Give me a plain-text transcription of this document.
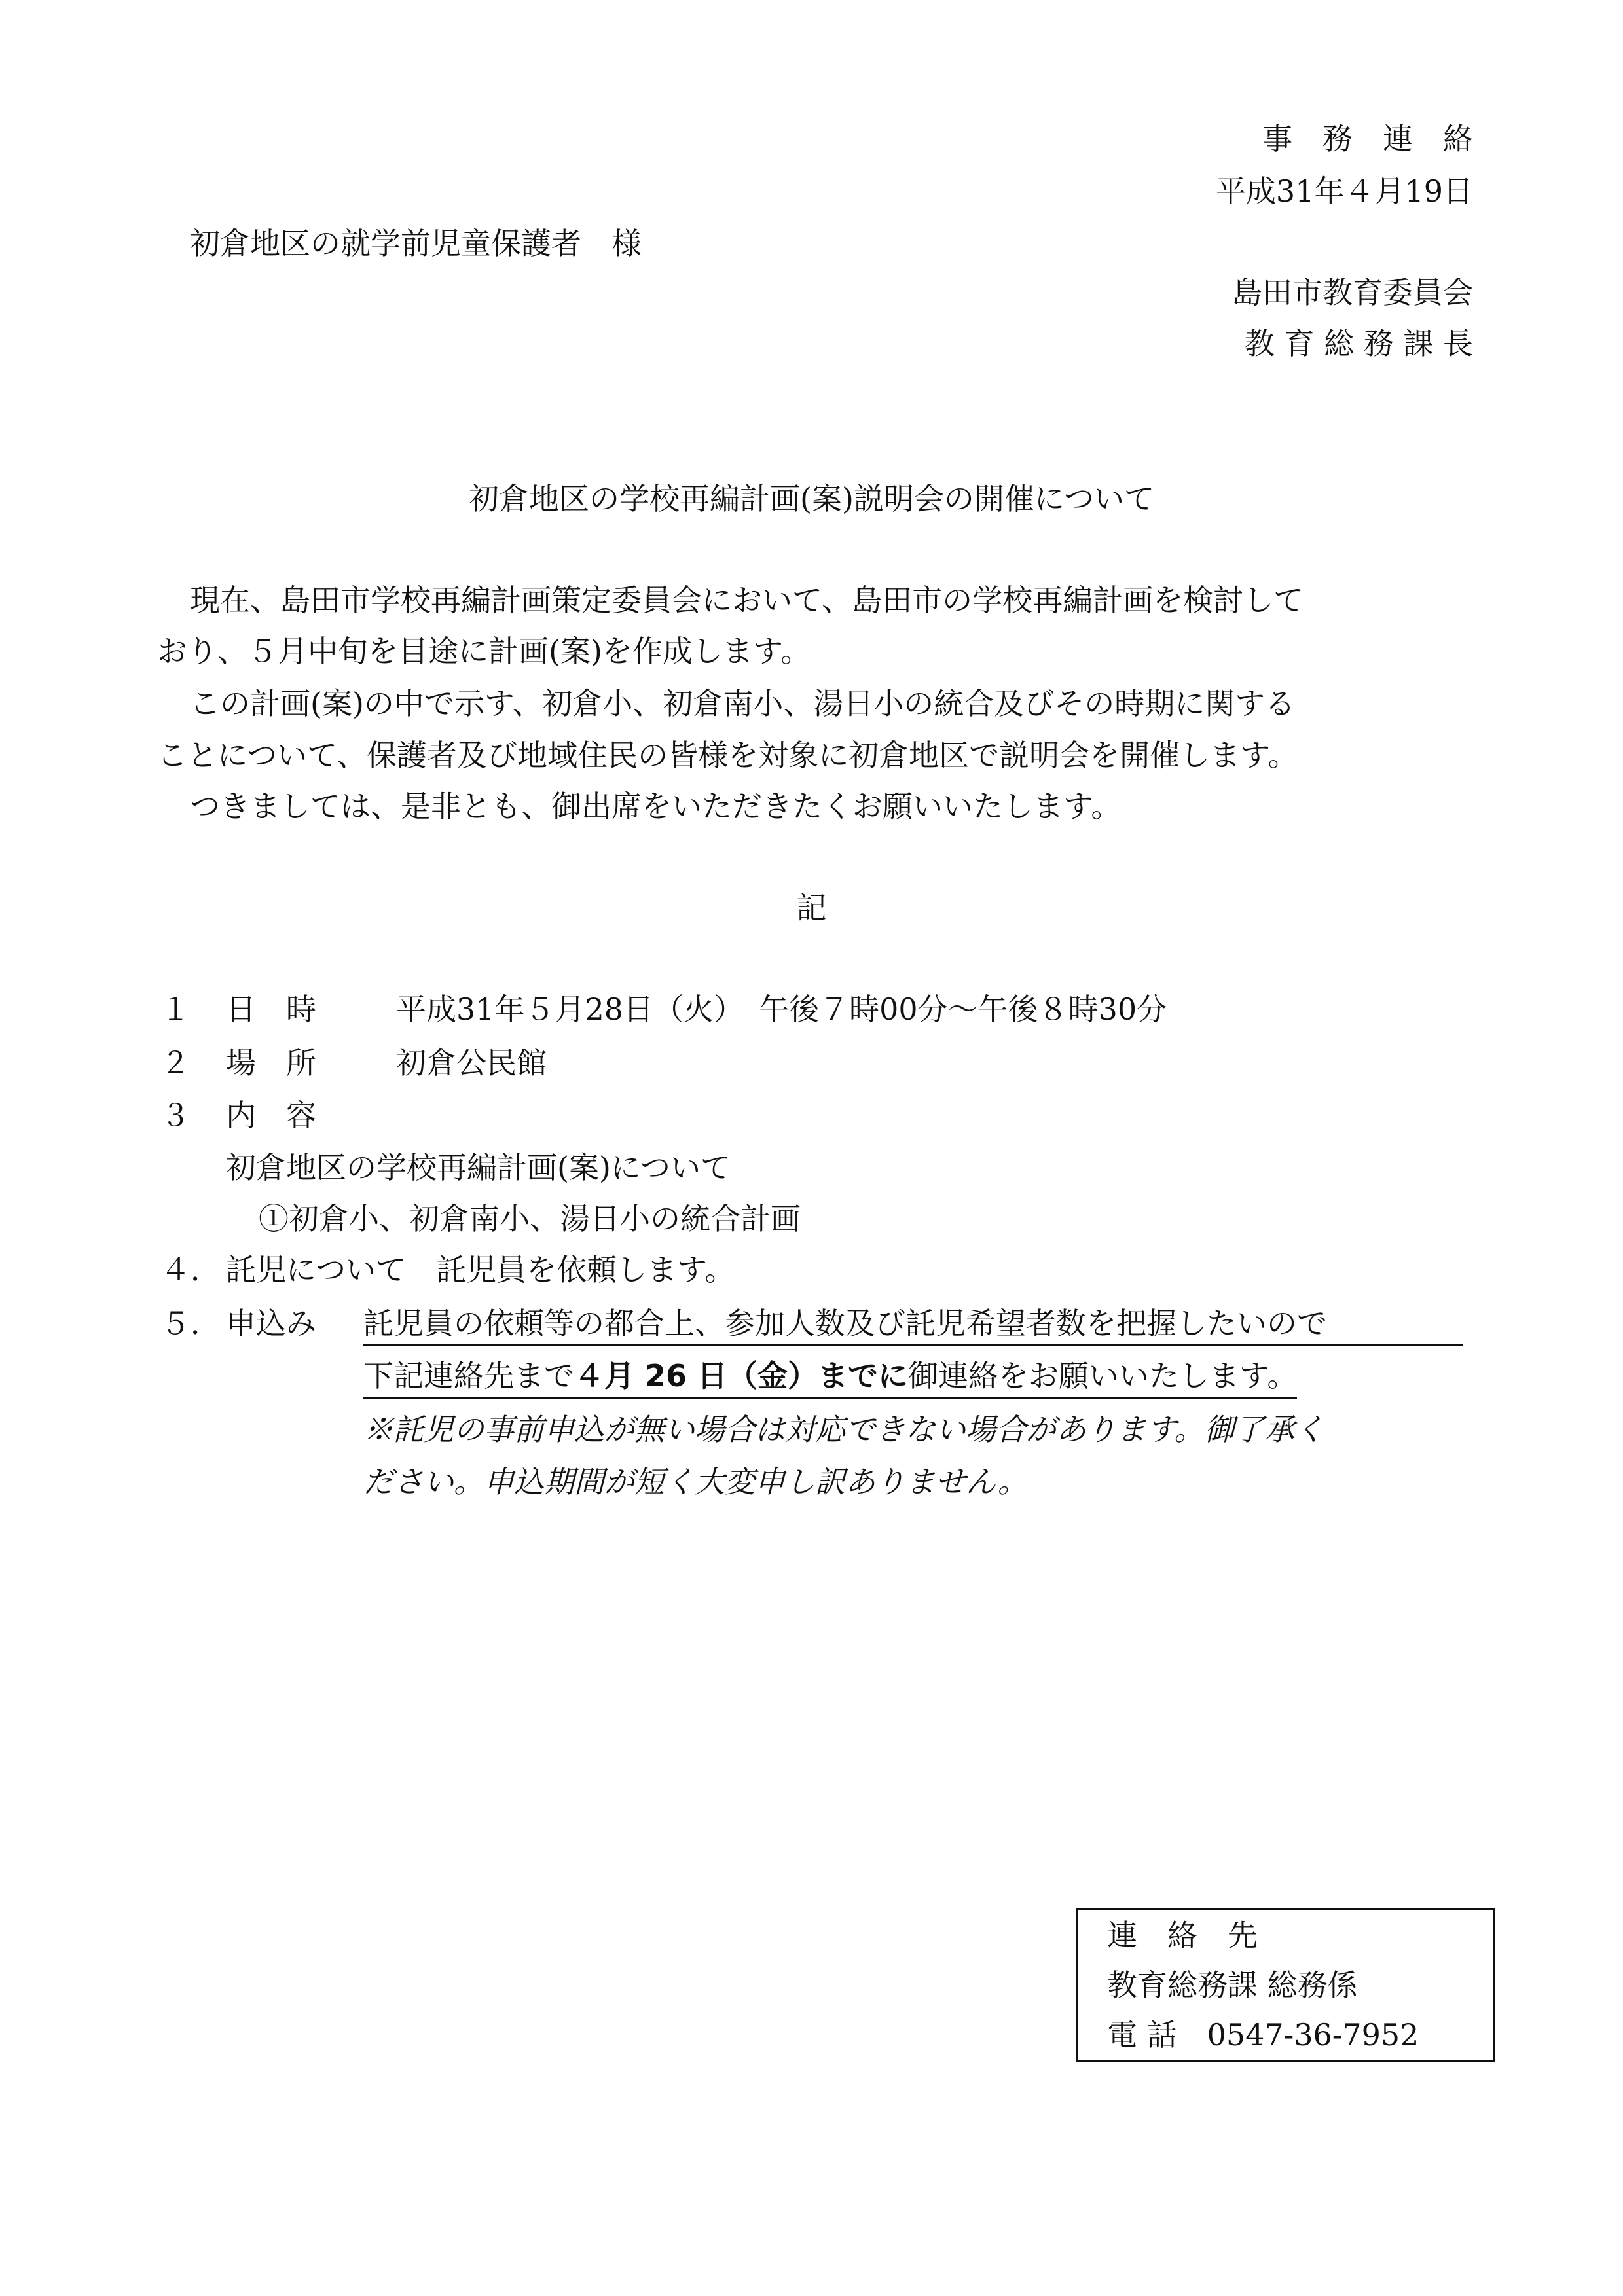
事　務　連　絡
平成31年４月19日
初倉地区の就学前児童保護者　様
島田市教育委員会
教 育 総 務 課 長
初倉地区の学校再編計画(案)説明会の開催について
現在、島田市学校再編計画策定委員会において、島田市の学校再編計画を検討して
おり、５月中旬を目途に計画(案)を作成します。
この計画(案)の中で示す、初倉小、初倉南小、湯日小の統合及びその時期に関する
ことについて、保護者及び地域住民の皆様を対象に初倉地区で説明会を開催します。
つきましては、是非とも、御出席をいただきたくお願いいたします。
記
１ 日　時	平成31年５月28日（火）　午後７時00分～午後８時30分
２ 場　所	初倉公民館
３ 内　容
初倉地区の学校再編計画(案)について
①初倉小、初倉南小、湯日小の統合計画
４． 託児について　託児員を依頼します。
５． 申込み 託児員の依頼等の都合上、参加人数及び託児希望者数を把握したいので
下記連絡先まで４月 26 日（金）までに御連絡をお願いいたします。
※託児の事前申込が無い場合は対応できない場合があります。御了承く
ださい。申込期間が短く大変申し訳ありません。
連　絡　先
教育総務課 総務係
電 話　0547-36-7952
